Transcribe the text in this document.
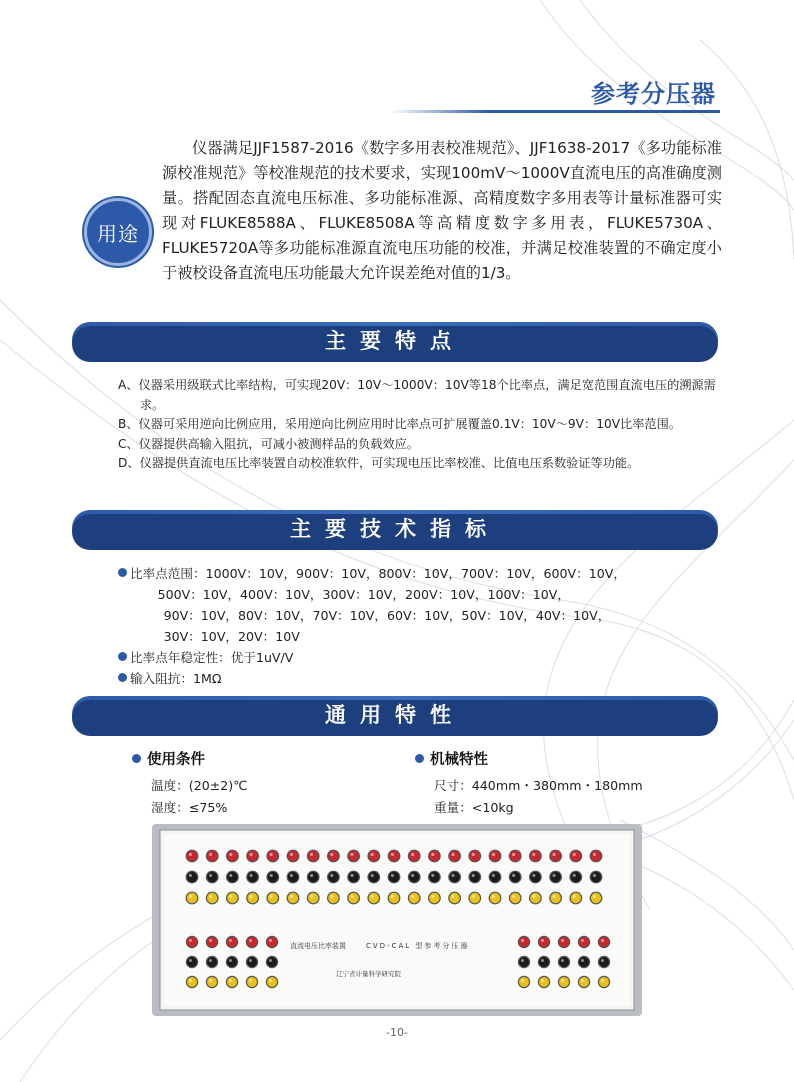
参考分压器
用途

仪器满足JJF1587-2016《数字多用表校准规范》、JJF1638-2017《多功能标准源校准规范》等校准规范的技术要求，实现100mV～1000V直流电压的高准确度测量。搭配固态直流电压标准、多功能标准源、高精度数字多用表等计量标准器可实现对FLUKE8588A、FLUKE8508A等高精度数字多用表，FLUKE5730A、FLUKE5720A等多功能标准源直流电压功能的校准，并满足校准装置的不确定度小于被校设备直流电压功能最大允许误差绝对值的1/3。

主要特点

A、仪器采用级联式比率结构，可实现20V：10V～1000V：10V等18个比率点，满足宽范围直流电压的溯源需求。

B、仪器可采用逆向比例应用，采用逆向比例应用时比率点可扩展覆盖0.1V：10V～9V：10V比率范围。

C、仪器提供高输入阻抗，可减小被测样品的负载效应。

D、仪器提供直流电压比率装置自动校准软件，可实现电压比率校准、比值电压系数验证等功能。

主要技术指标
比率点范围： 1000V：10V，900V：10V，800V：10V，700V：10V，600V：10V，
500V：10V，400V：10V，300V：10V，200V：10V，100V：10V，
90V：10V，80V：10V，70V：10V，60V：10V，50V：10V，40V：10V，
30V：10V，20V：10V
比率点年稳定性：优于1uV/V
输入阻抗：1MΩ
通用特性
使用条件
温度：(20±2)℃
湿度：≤75%
机械特性
尺寸：440mm・380mm・180mm
重量：<10kg
直流电压比率装置	CVD-CAL 型参考分压器
辽宁省计量科学研究院
-10-
